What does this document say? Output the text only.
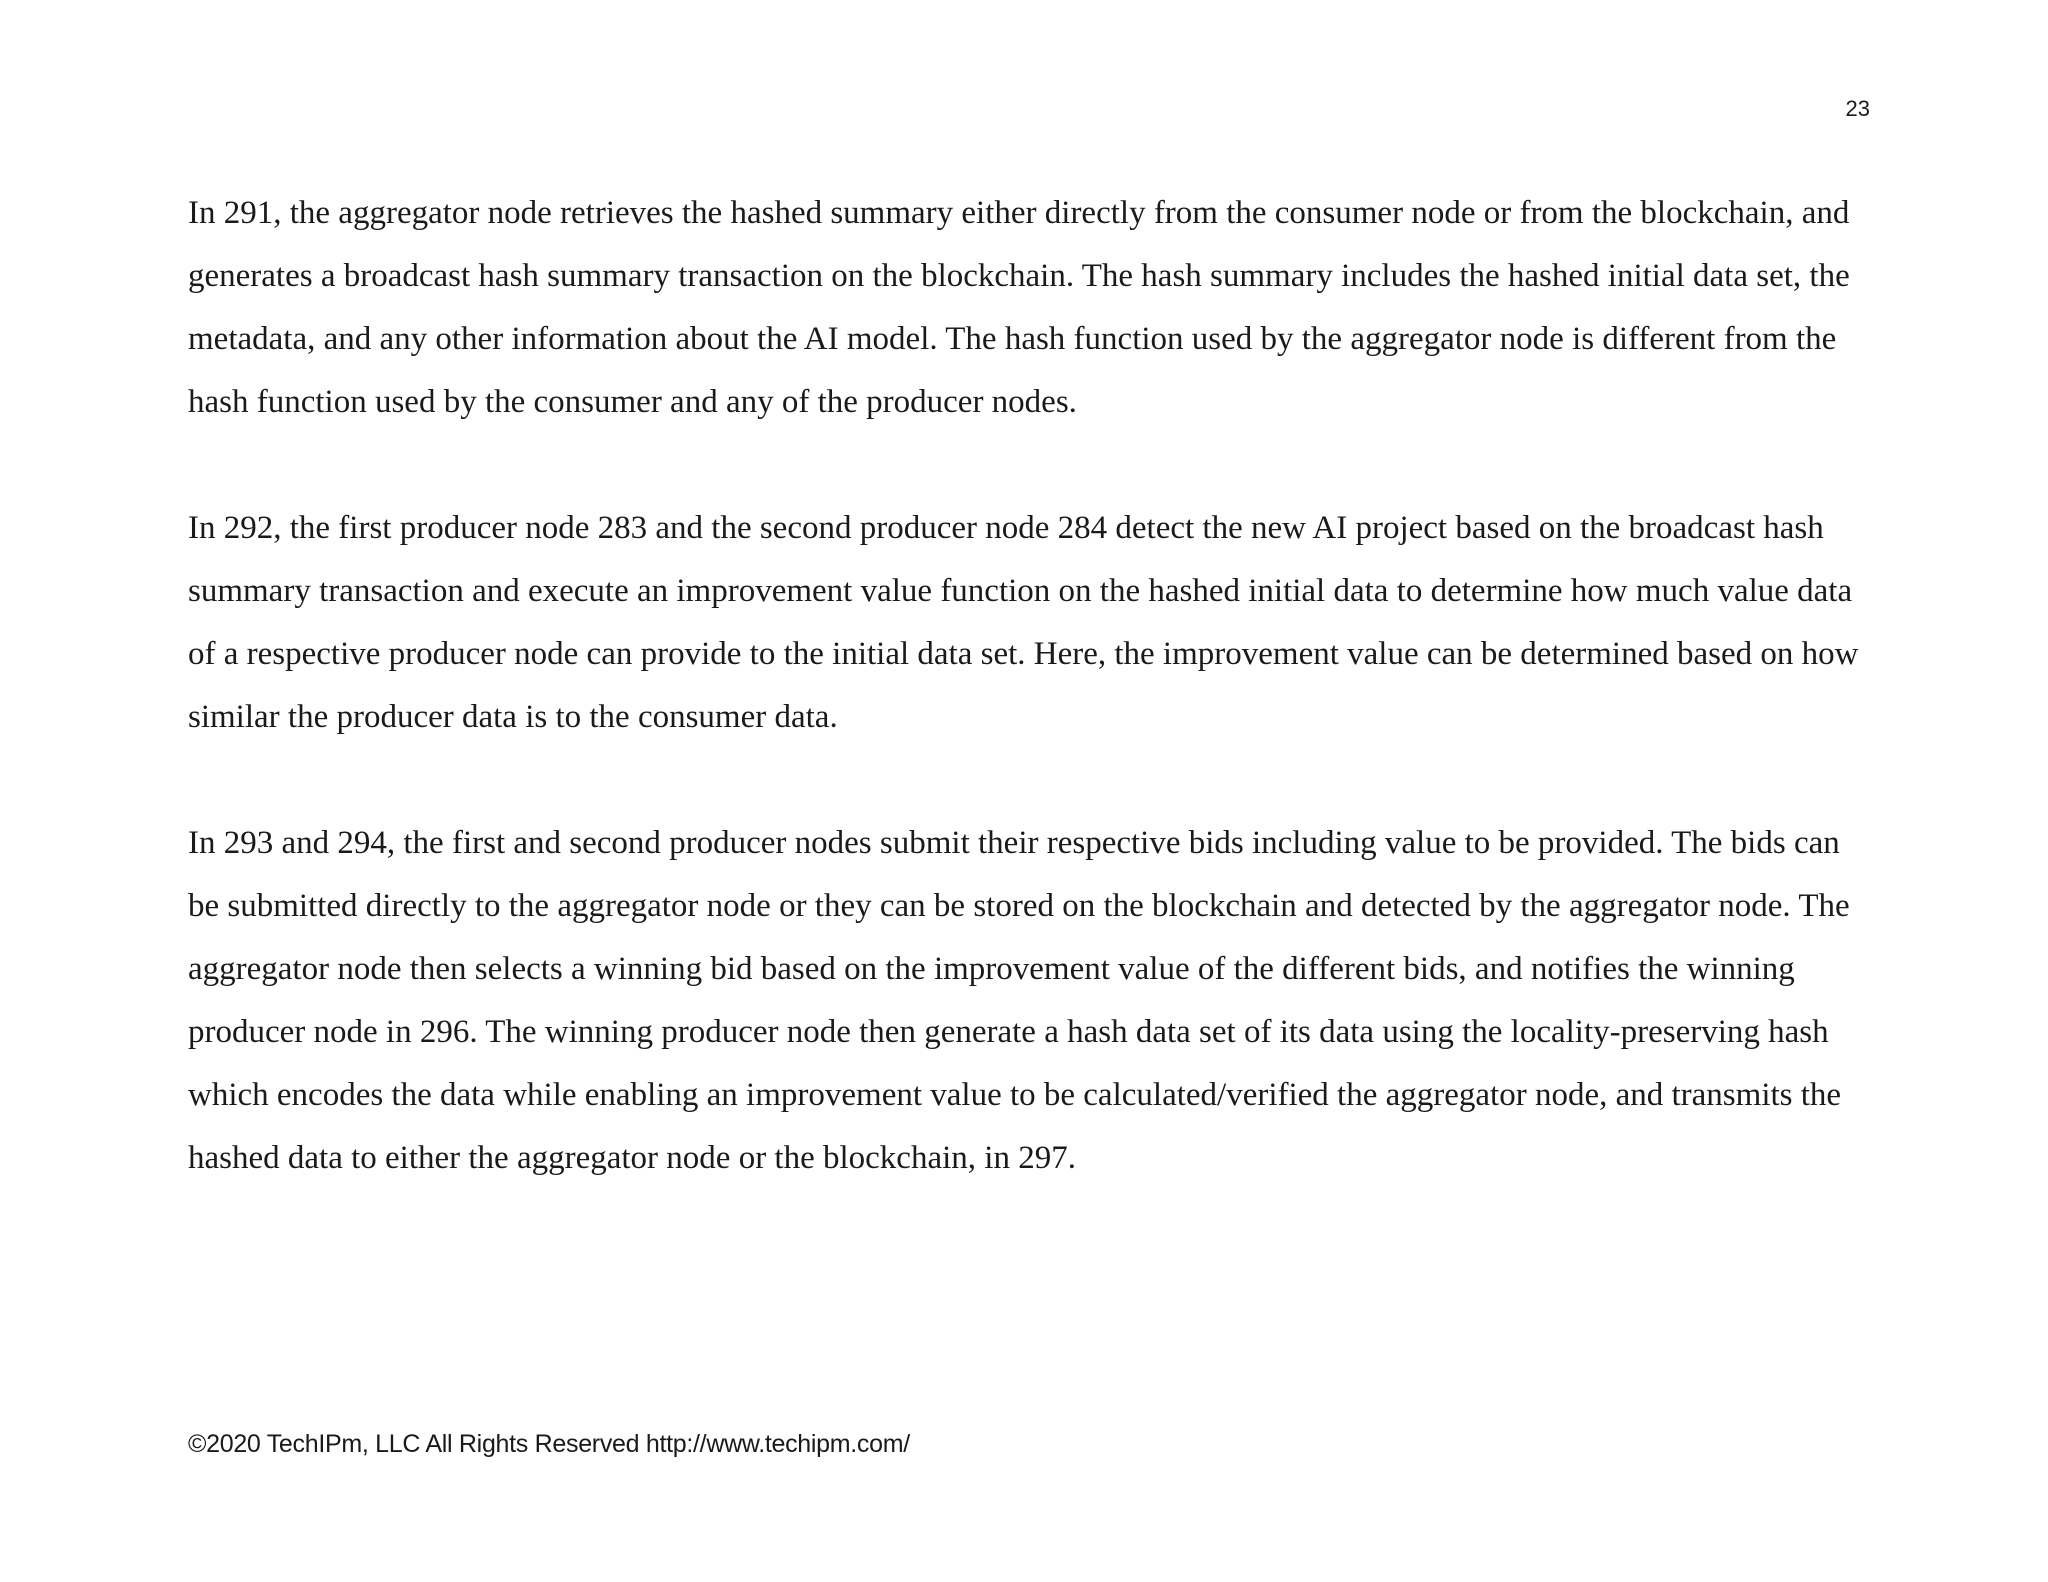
23

In 291, the aggregator node retrieves the hashed summary either directly from the consumer node or from the blockchain, and generates a broadcast hash summary transaction on the blockchain. The hash summary includes the hashed initial data set, the metadata, and any other information about the AI model. The hash function used by the aggregator node is different from the hash function used by the consumer and any of the producer nodes.

In 292, the first producer node 283 and the second producer node 284 detect the new AI project based on the broadcast hash summary transaction and execute an improvement value function on the hashed initial data to determine how much value data of a respective producer node can provide to the initial data set. Here, the improvement value can be determined based on how similar the producer data is to the consumer data.

In 293 and 294, the first and second producer nodes submit their respective bids including value to be provided. The bids can be submitted directly to the aggregator node or they can be stored on the blockchain and detected by the aggregator node. The aggregator node then selects a winning bid based on the improvement value of the different bids, and notifies the winning producer node in 296. The winning producer node then generate a hash data set of its data using the locality-preserving hash which encodes the data while enabling an improvement value to be calculated/verified the aggregator node, and transmits the hashed data to either the aggregator node or the blockchain, in 297.

©2020 TechIPm, LLC All Rights Reserved http://www.techipm.com/
